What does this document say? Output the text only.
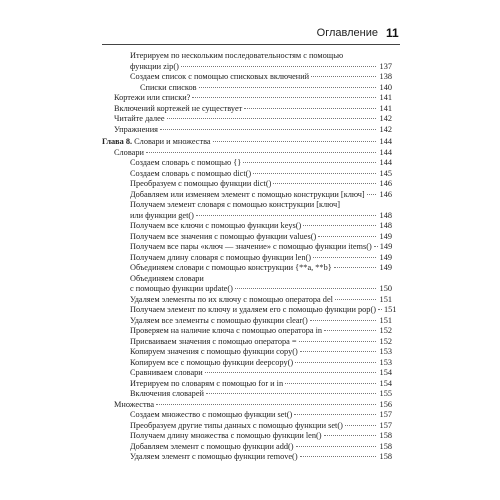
Оглавление 11
Итерируем по нескольким последовательностям с помощью
функции zip()	137
Создаем список с помощью списковых включений	138
Списки списков	140
Кортежи или списки?	141
Включений кортежей не существует	141
Читайте далее	142
Упражнения	142
Глава 8. Словари и множества	144
Словари	144
Создаем словарь с помощью {}	144
Создаем словарь с помощью dict()	145
Преобразуем с помощью функции dict()	146
Добавляем или изменяем элемент с помощью конструкции [ключ] 146
Получаем элемент словаря с помощью конструкции [ключ]
или функции get()	148
Получаем все ключи с помощью функции keys()	148
Получаем все значения с помощью функции values()	149
Получаем все пары «ключ — значение» с помощью функции items() 149
Получаем длину словаря с помощью функции len()	149
Объединяем словари с помощью конструкции {**a, **b}	149
Объединяем словари
с помощью функции update()	150
Удаляем элементы по их ключу с помощью оператора del	151
Получаем элемент по ключу и удаляем его с помощью функции pop() 151
Удаляем все элементы с помощью функции clear()	151
Проверяем на наличие ключа с помощью оператора in	152
Присваиваем значения с помощью оператора =	152
Копируем значения с помощью функции copy()	153
Копируем все с помощью функции deepcopy()	153
Сравниваем словари	154
Итерируем по словарям с помощью for и in	154
Включения словарей	155
Множества	156
Создаем множество с помощью функции set()	157
Преобразуем другие типы данных с помощью функции set()	157
Получаем длину множества с помощью функции len()	158
Добавляем элемент с помощью функции add()	158
Удаляем элемент с помощью функции remove()	158
